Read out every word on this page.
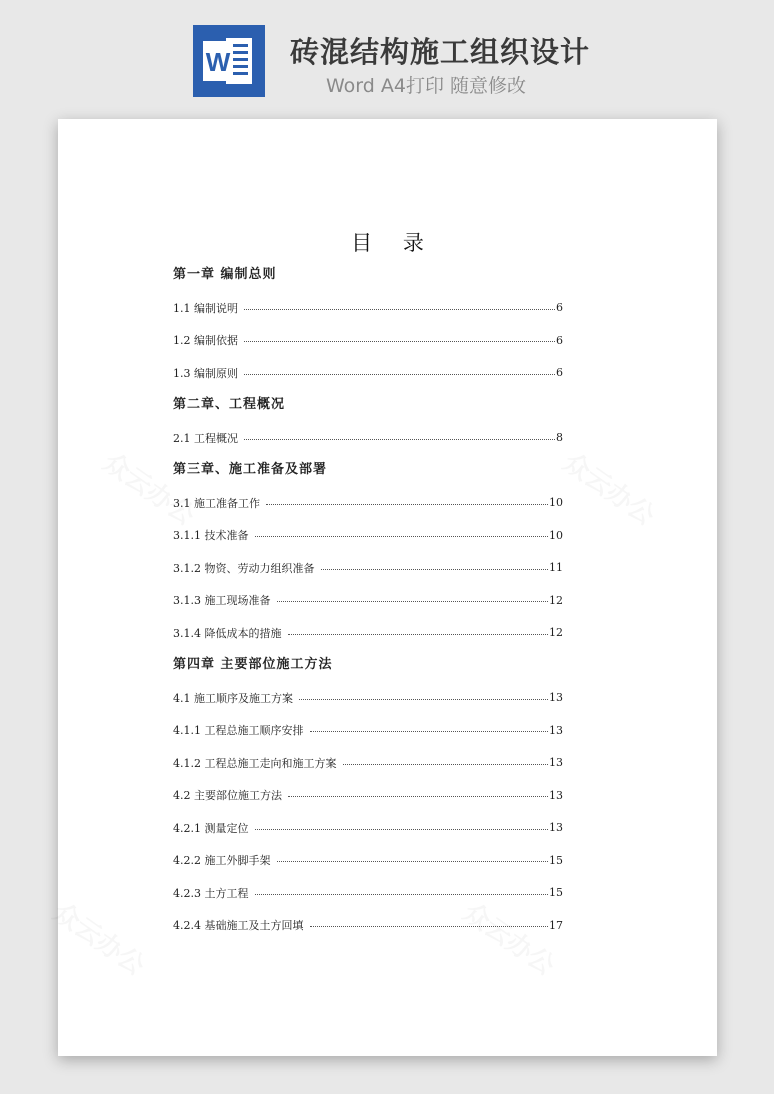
W 砖混结构施工组织设计
Word A4打印 随意修改
目 录
第一章 编制总则
1.1 编制说明	6
1.2 编制依据	6
1.3 编制原则	6
第二章、工程概况
2.1 工程概况	8
第三章、施工准备及部署
3.1 施工准备工作	10
3.1.1 技术准备	10
3.1.2 物资、劳动力组织准备	11
3.1.3 施工现场准备	12
3.1.4 降低成本的措施	12
第四章 主要部位施工方法
4.1 施工顺序及施工方案	13
4.1.1 工程总施工顺序安排	13
4.1.2 工程总施工走向和施工方案	13
4.2 主要部位施工方法	13
4.2.1 测量定位	13
4.2.2 施工外脚手架	15
4.2.3 土方工程	15
4.2.4 基础施工及土方回填	17
